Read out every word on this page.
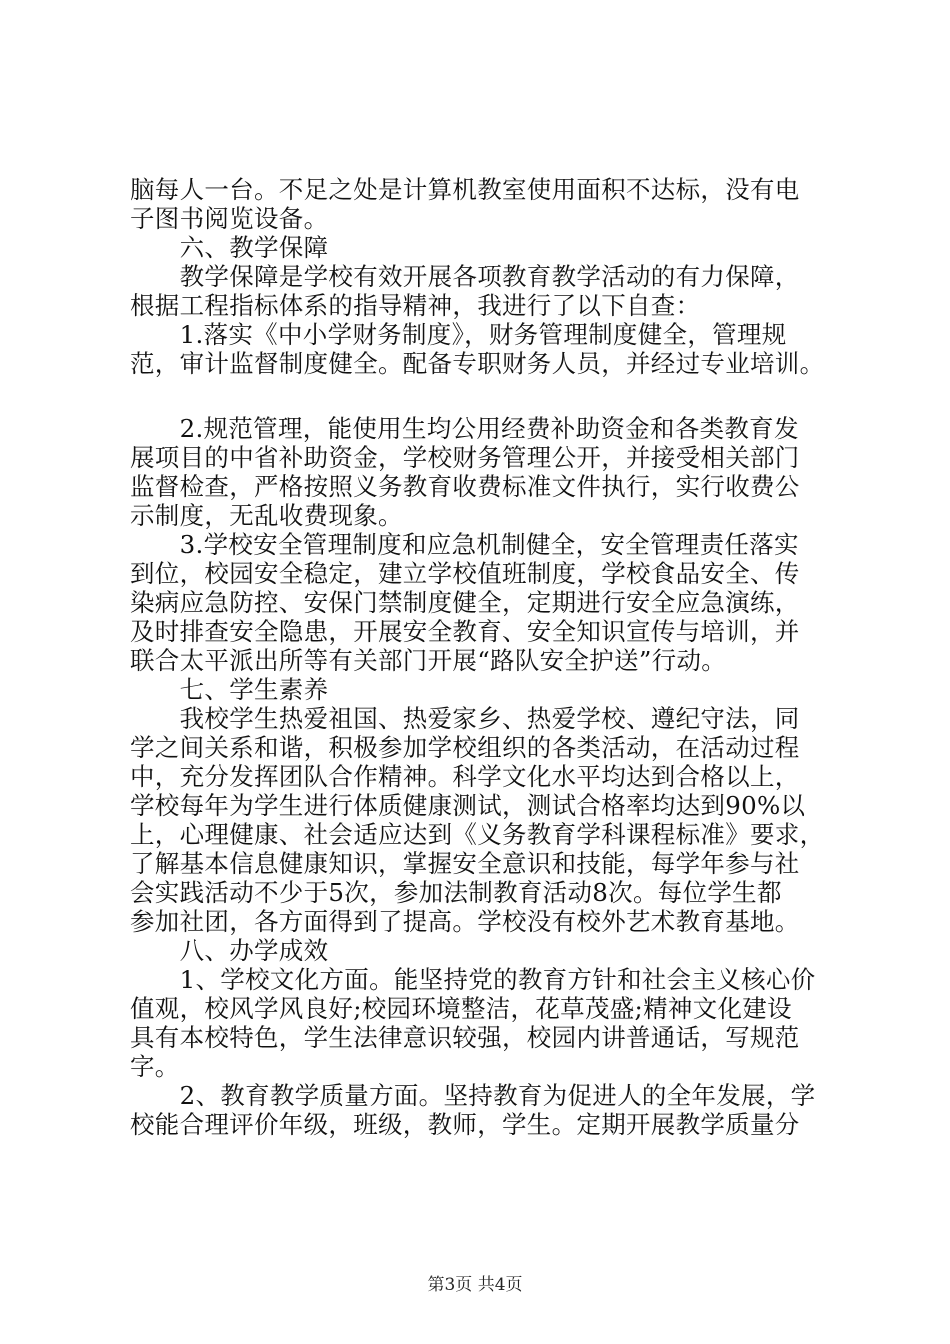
脑每人一台。不足之处是计算机教室使用面积不达标，没有电
子图书阅览设备。
　　六、教学保障
　　教学保障是学校有效开展各项教育教学活动的有力保障，
根据工程指标体系的指导精神，我进行了以下自查：
　　1.落实《中小学财务制度》，财务管理制度健全，管理规
范，审计监督制度健全。配备专职财务人员，并经过专业培训。
　　2.规范管理，能使用生均公用经费补助资金和各类教育发
展项目的中省补助资金，学校财务管理公开，并接受相关部门
监督检查，严格按照义务教育收费标准文件执行，实行收费公
示制度，无乱收费现象。
　　3.学校安全管理制度和应急机制健全，安全管理责任落实
到位，校园安全稳定，建立学校值班制度，学校食品安全、传
染病应急防控、安保门禁制度健全，定期进行安全应急演练，
及时排查安全隐患，开展安全教育、安全知识宣传与培训，并
联合太平派出所等有关部门开展“路队安全护送”行动。
　　七、学生素养
　　我校学生热爱祖国、热爱家乡、热爱学校、遵纪守法，同
学之间关系和谐，积极参加学校组织的各类活动，在活动过程
中，充分发挥团队合作精神。科学文化水平均达到合格以上，
学校每年为学生进行体质健康测试，测试合格率均达到90%以
上，心理健康、社会适应达到《义务教育学科课程标准》要求，
了解基本信息健康知识，掌握安全意识和技能，每学年参与社
会实践活动不少于5次，参加法制教育活动8次。每位学生都
参加社团，各方面得到了提高。学校没有校外艺术教育基地。
　　八、办学成效
　　1、学校文化方面。能坚持党的教育方针和社会主义核心价
值观，校风学风良好;校园环境整洁，花草茂盛;精神文化建设
具有本校特色，学生法律意识较强，校园内讲普通话，写规范
字。
　　2、教育教学质量方面。坚持教育为促进人的全年发展，学
校能合理评价年级，班级，教师，学生。定期开展教学质量分
第3页 共4页
